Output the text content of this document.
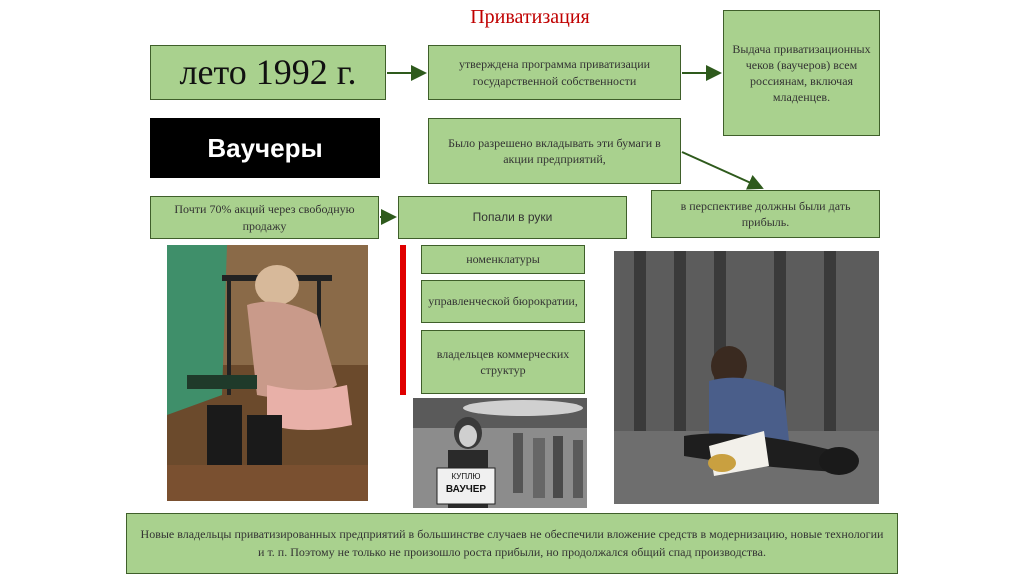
Приватизация
лето 1992 г.	утверждена программа приватизации государственной собственности
Выдача приватизационных чеков (ваучеров) всем россиянам, включая младенцев.
Ваучеры	Было разрешено вкладывать эти бумаги в акции предприятий,
в перспективе должны были дать прибыль.
Почти 70% акций через свободную продажу
Попали в руки
номенклатуры
управленческой бюрократии,
владельцев коммерческих структур
КУПЛЮ
ВАУЧЕР
Новые владельцы приватизированных предприятий в большинстве случаев не обеспечили вложение средств в модернизацию, новые технологии и т. п. Поэтому не только не произошло роста прибыли, но продолжался общий спад производства.
